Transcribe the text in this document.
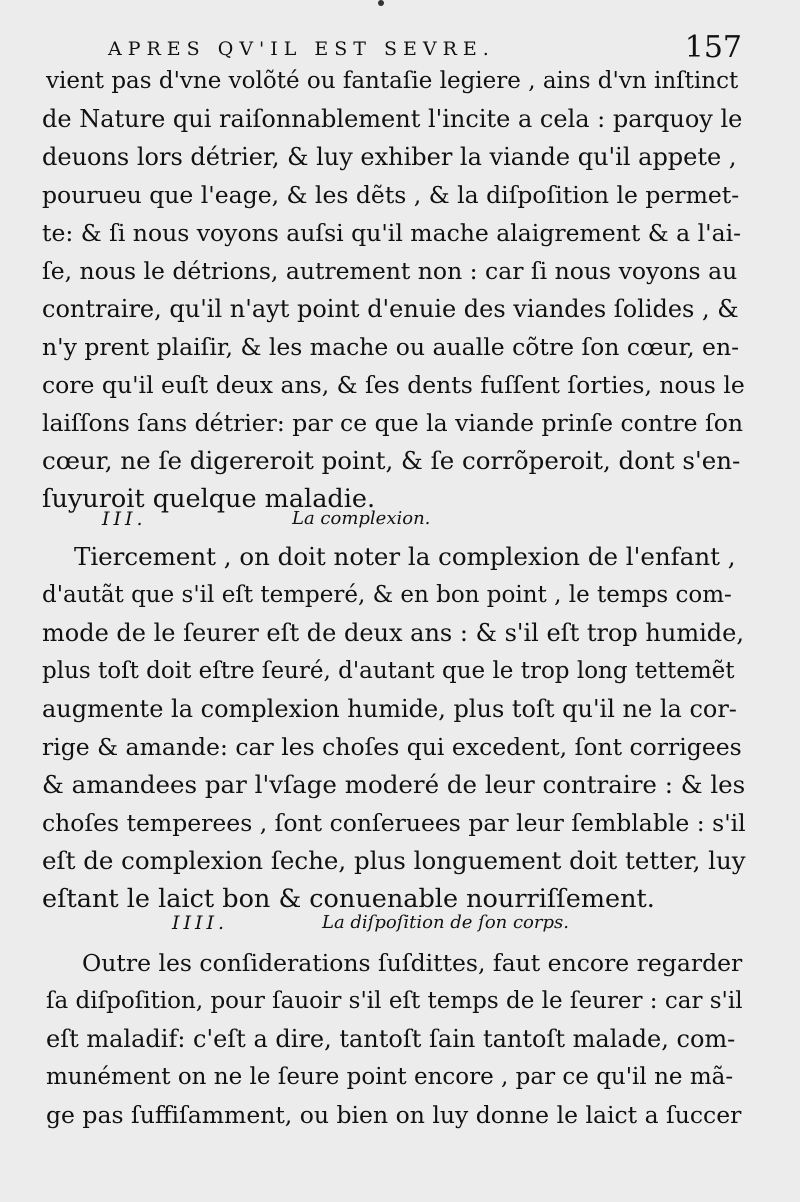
APRES QV'IL EST SEVRE.	157
vient pas d'vne volõté ou fantaſie legiere , ains d'vn inſtinct
de Nature qui raiſonnablement l'incite a cela : parquoy le
deuons lors détrier, & luy exhiber la viande qu'il appete ,
pourueu que l'eage, & les dẽts , & la diſpoſition le permet-
te: & ſi nous voyons auſsi qu'il mache alaigrement & a l'ai-
ſe, nous le détrions, autrement non : car ſi nous voyons au
contraire, qu'il n'ayt point d'enuie des viandes ſolides , &
n'y prent plaiſir, & les mache ou aualle cõtre ſon cœur, en-
core qu'il euſt deux ans, & ſes dents fuſſent ſorties, nous le
laiſſons ſans détrier: par ce que la viande prinſe contre ſon
cœur, ne ſe digereroit point, & ſe corrõperoit, dont s'en-
ſuyuroit quelque maladie.
III.	La complexion.
Tiercement , on doit noter la complexion de l'enfant ,
d'autãt que s'il eſt temperé, & en bon point , le temps com-
mode de le ſeurer eſt de deux ans : & s'il eſt trop humide,
plus toſt doit eſtre ſeuré, d'autant que le trop long tettemẽt
augmente la complexion humide, plus toſt qu'il ne la cor-
rige & amande: car les choſes qui excedent, ſont corrigees
& amandees par l'vſage moderé de leur contraire : & les
choſes temperees , ſont conſeruees par leur ſemblable : s'il
eſt de complexion ſeche, plus longuement doit tetter, luy
eſtant le laict bon & conuenable nourriſſement.
IIII.	La diſpoſition de ſon corps.
Outre les conſiderations ſuſdittes, faut encore regarder
ſa diſpoſition, pour ſauoir s'il eſt temps de le ſeurer : car s'il
eſt maladif: c'eſt a dire, tantoſt ſain tantoſt malade, com-
munément on ne le ſeure point encore , par ce qu'il ne mã-
ge pas ſuffiſamment, ou bien on luy donne le laict a ſuccer
